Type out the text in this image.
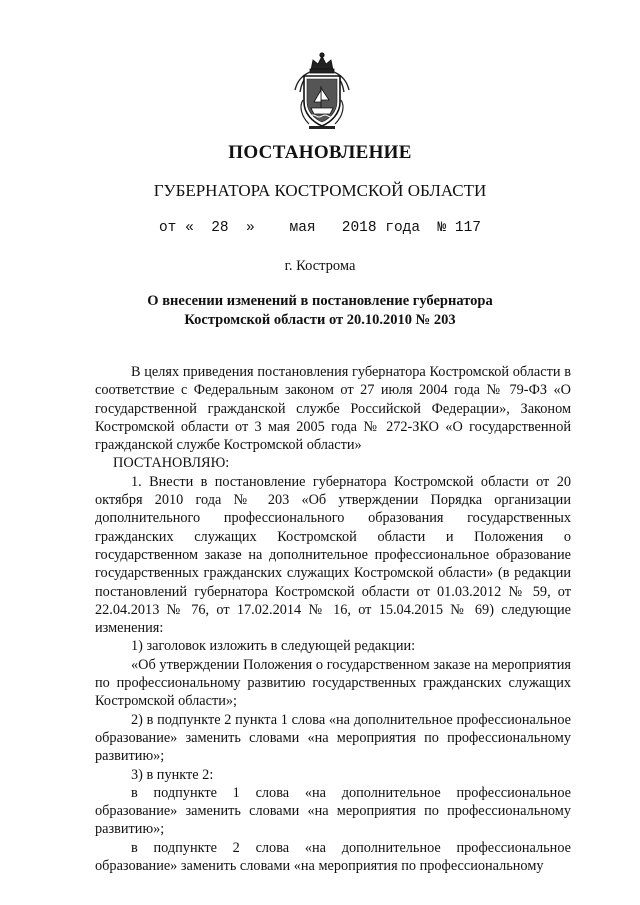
ПОСТАНОВЛЕНИЕ
ГУБЕРНАТОРА КОСТРОМСКОЙ ОБЛАСТИ
от « 28 » мая 2018 года № 117
г. Кострома
О внесении изменений в постановление губернатора
Костромской области от 20.10.2010 № 203

В целях приведения постановления губернатора Костромской области в соответствие с Федеральным законом от 27 июля 2004 года № 79-ФЗ «О государственной гражданской службе Российской Федерации», Законом Костромской области от 3 мая 2005 года № 272-ЗКО «О государственной гражданской службе Костромской области»

ПОСТАНОВЛЯЮ:

1. Внести в постановление губернатора Костромской области от 20 октября 2010 года № 203 «Об утверждении Порядка организации дополнительного профессионального образования государственных гражданских служащих Костромской области и Положения о государственном заказе на дополнительное профессиональное образование государственных гражданских служащих Костромской области» (в редакции постановлений губернатора Костромской области от 01.03.2012 № 59, от 22.04.2013 № 76, от 17.02.2014 № 16, от 15.04.2015 № 69) следующие изменения:

1) заголовок изложить в следующей редакции:

«Об утверждении Положения о государственном заказе на мероприятия по профессиональному развитию государственных гражданских служащих Костромской области»;

2) в подпункте 2 пункта 1 слова «на дополнительное профессиональное образование» заменить словами «на мероприятия по профессиональному развитию»;

3) в пункте 2:

в подпункте 1 слова «на дополнительное профессиональное образование» заменить словами «на мероприятия по профессиональному развитию»;

в подпункте 2 слова «на дополнительное профессиональное образование» заменить словами «на мероприятия по профессиональному
